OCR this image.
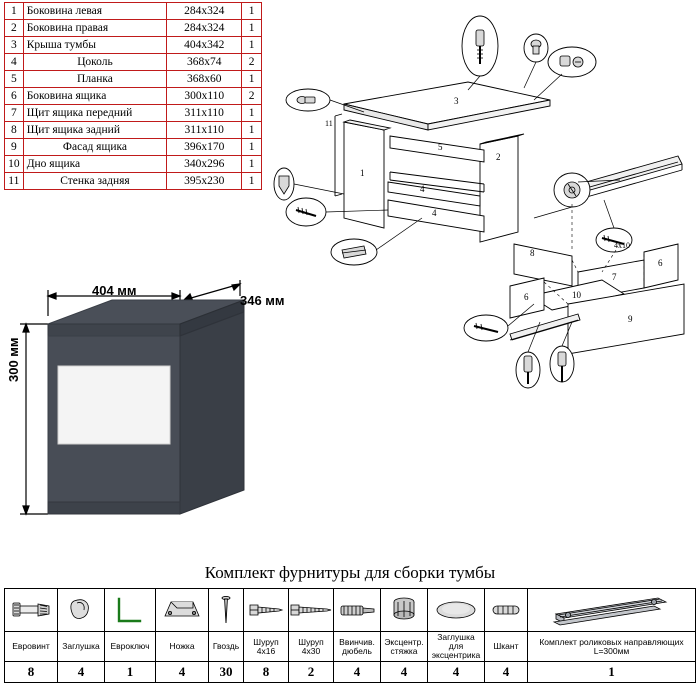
1	Боковина левая	284х324	1
2	Боковина правая	284х324	1
3	Крыша тумбы	404х342	1
4	Цоколь	368х74	2
5	Планка	368х60	1
6	Боковина ящика	300х110	2
7	Щит ящика передний	311х110	1
8	Щит ящика задний	311х110	1
9	Фасад ящика	396х170	1
10	Дно ящика	340х296	1
11	Стенка задняя	395х230	1
3
1
2
11
5
4
4
8
6
7
10
6
9
4х10
404 мм
346 мм
300 мм
Комплект фурнитуры для сборки тумбы

Евровинт	Заглушка	Евроключ	Ножка	Гвоздь	Шуруп 4х16	Шуруп 4х30	Ввинчив. дюбель	Эксцентр. стяжка	Заглушка для эксцентрика	Шкант	Комплект роликовых направляющих L=300мм
8	4	1	4	30	8	2	4	4	4	4	1
